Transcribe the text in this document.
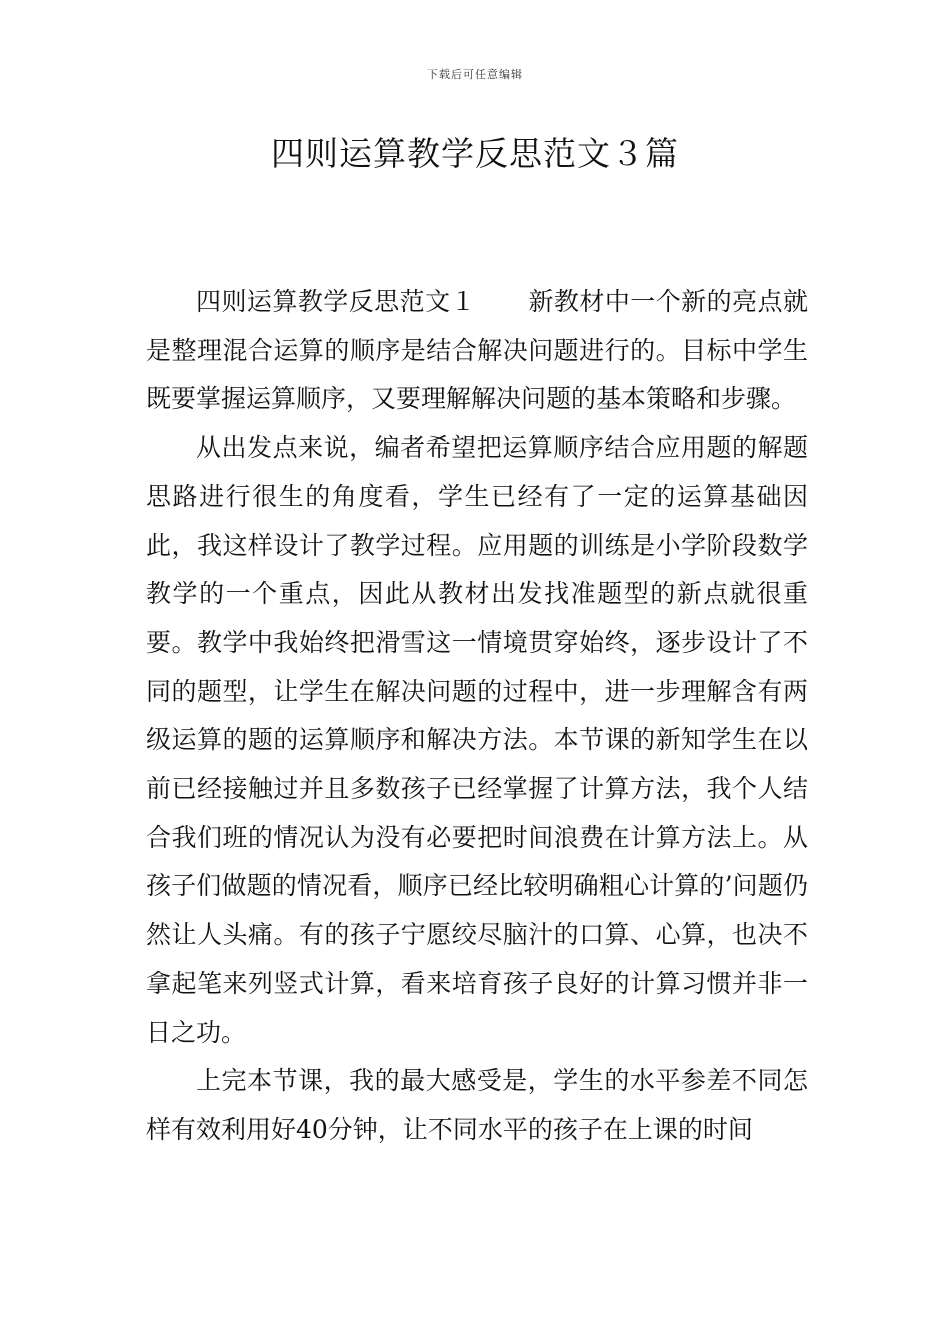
下载后可任意编辑
四则运算教学反思范文３篇

四则运算教学反思范文１ 新教材中一个新的亮点就是整理混合运算的顺序是结合解决问题进行的。目标中学生既要掌握运算顺序，又要理解解决问题的基本策略和步骤。

从出发点来说，编者希望把运算顺序结合应用题的解题思路进行很生的角度看，学生已经有了一定的运算基础因此，我这样设计了教学过程。应用题的训练是小学阶段数学教学的一个重点，因此从教材出发找准题型的新点就很重要。教学中我始终把滑雪这一情境贯穿始终，逐步设计了不同的题型，让学生在解决问题的过程中，进一步理解含有两级运算的题的运算顺序和解决方法。本节课的新知学生在以前已经接触过并且多数孩子已经掌握了计算方法，我个人结合我们班的情况认为没有必要把时间浪费在计算方法上。从孩子们做题的情况看，顺序已经比较明确粗心计算的’问题仍然让人头痛。有的孩子宁愿绞尽脑汁的口算、心算，也决不拿起笔来列竖式计算，看来培育孩子良好的计算习惯并非一日之功。

上完本节课，我的最大感受是，学生的水平参差不同怎样有效利用好40分钟，让不同水平的孩子在上课的时间
